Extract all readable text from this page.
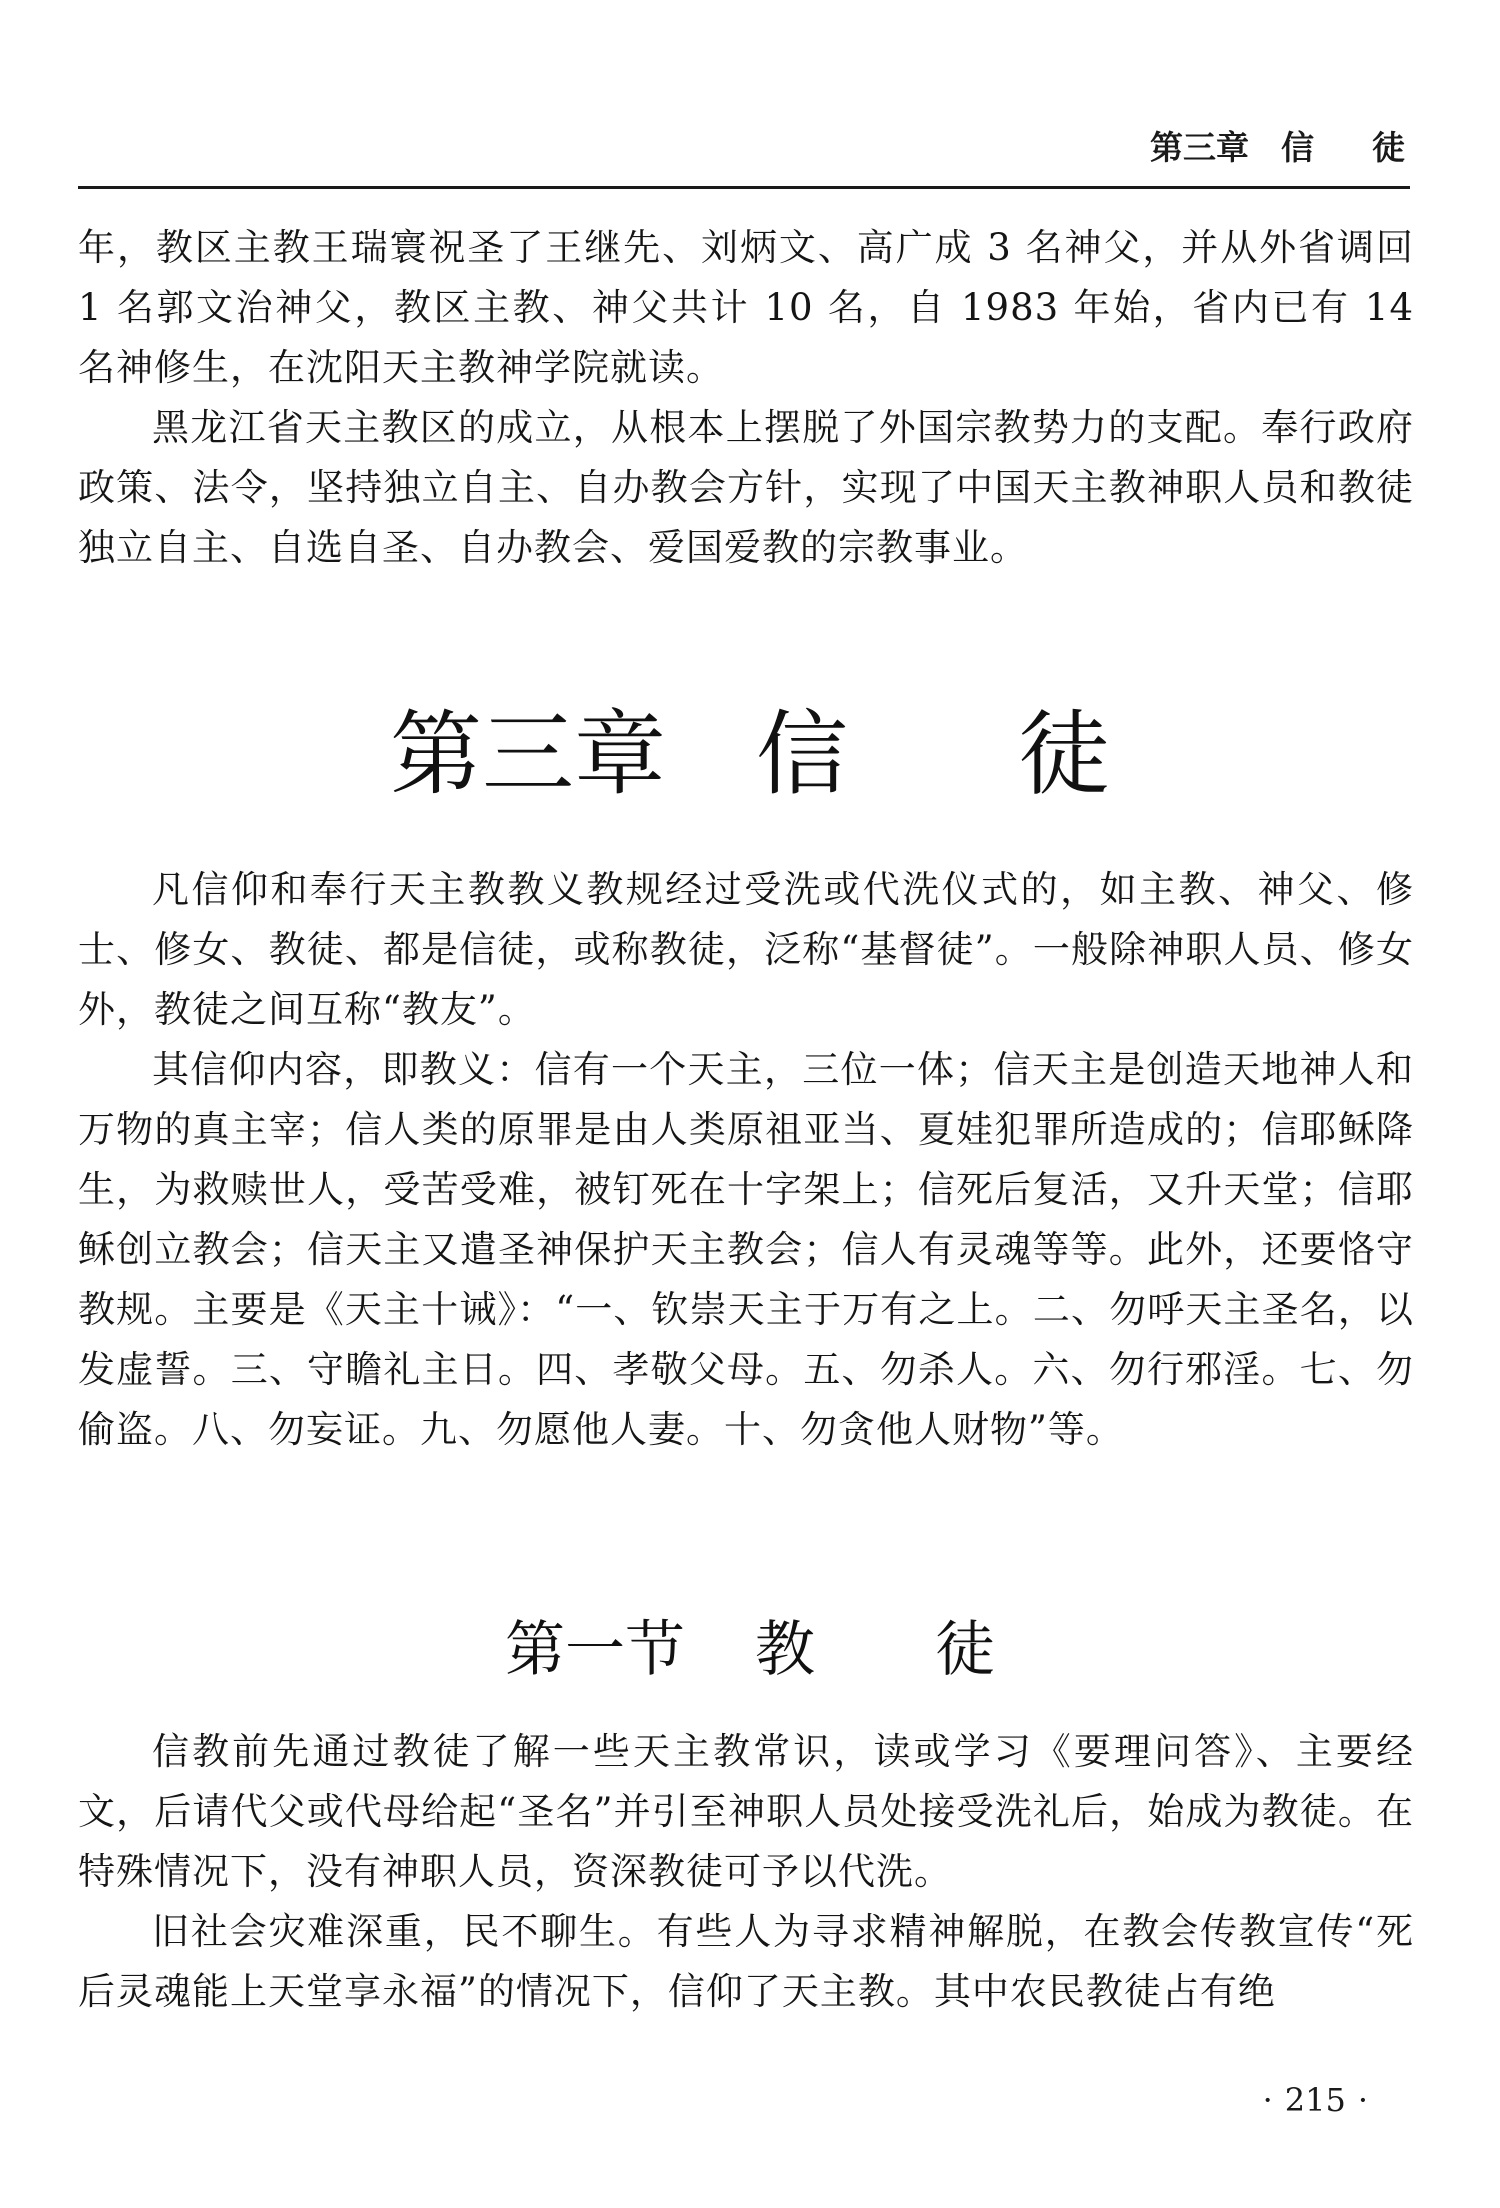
第三章 信 徒

年，教区主教王瑞寰祝圣了王继先、刘炳文、高广成 3 名神父，并从外省调回 1 名郭文治神父，教区主教、神父共计 10 名，自 1983 年始，省内已有 14 名神修生，在沈阳天主教神学院就读。

黑龙江省天主教区的成立，从根本上摆脱了外国宗教势力的支配。奉行政府政策、法令，坚持独立自主、自办教会方针，实现了中国天主教神职人员和教徒独立自主、自选自圣、自办教会、爱国爱教的宗教事业。

第三章 信 徒

凡信仰和奉行天主教教义教规经过受洗或代洗仪式的，如主教、神父、修士、修女、教徒、都是信徒，或称教徒，泛称“基督徒”。一般除神职人员、修女外，教徒之间互称“教友”。

其信仰内容，即教义：信有一个天主，三位一体；信天主是创造天地神人和万物的真主宰；信人类的原罪是由人类原祖亚当、夏娃犯罪所造成的；信耶稣降生，为救赎世人，受苦受难，被钉死在十字架上；信死后复活，又升天堂；信耶稣创立教会；信天主又遣圣神保护天主教会；信人有灵魂等等。此外，还要恪守教规。主要是《天主十诫》：“一、钦崇天主于万有之上。二、勿呼天主圣名，以发虚誓。三、守瞻礼主日。四、孝敬父母。五、勿杀人。六、勿行邪淫。七、勿偷盗。八、勿妄证。九、勿愿他人妻。十、勿贪他人财物”等。

第一节 教 徒

信教前先通过教徒了解一些天主教常识，读或学习《要理问答》、主要经文，后请代父或代母给起“圣名”并引至神职人员处接受洗礼后，始成为教徒。在特殊情况下，没有神职人员，资深教徒可予以代洗。

旧社会灾难深重，民不聊生。有些人为寻求精神解脱，在教会传教宣传“死后灵魂能上天堂享永福”的情况下，信仰了天主教。其中农民教徒占有绝

· 215 ·
